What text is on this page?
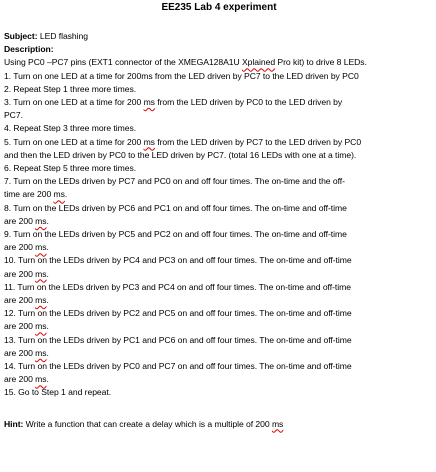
EE235 Lab 4 experiment
Subject: LED flashing
Description:
Using PC0 –PC7 pins (EXT1 connector of the XMEGA128A1U Xplained Pro kit) to drive 8 LEDs.
1. Turn on one LED at a time for 200ms from the LED driven by PC7 to the LED driven by PC0
2. Repeat Step 1 three more times.
3. Turn on one LED at a time for 200 ms from the LED driven by PC0 to the LED driven by
PC7.
4. Repeat Step 3 three more times.
5. Turn on one LED at a time for 200 ms from the LED driven by PC7 to the LED driven by PC0
and then the LED driven by PC0 to the LED driven by PC7. (total 16 LEDs with one at a time).
6. Repeat Step 5 three more times.
7. Turn on the LEDs driven by PC7 and PC0 on and off four times. The on-time and the off-
time are 200 ms.
8. Turn on the LEDs driven by PC6 and PC1 on and off four times. The on-time and off-time
are 200 ms.
9. Turn on the LEDs driven by PC5 and PC2 on and off four times. The on-time and off-time
are 200 ms.
10. Turn on the LEDs driven by PC4 and PC3 on and off four times. The on-time and off-time
are 200 ms.
11. Turn on the LEDs driven by PC3 and PC4 on and off four times. The on-time and off-time
are 200 ms.
12. Turn on the LEDs driven by PC2 and PC5 on and off four times. The on-time and off-time
are 200 ms.
13. Turn on the LEDs driven by PC1 and PC6 on and off four times. The on-time and off-time
are 200 ms.
14. Turn on the LEDs driven by PC0 and PC7 on and off four times. The on-time and off-time
are 200 ms.
15. Go to Step 1 and repeat.
Hint: Write a function that can create a delay which is a multiple of 200 ms
